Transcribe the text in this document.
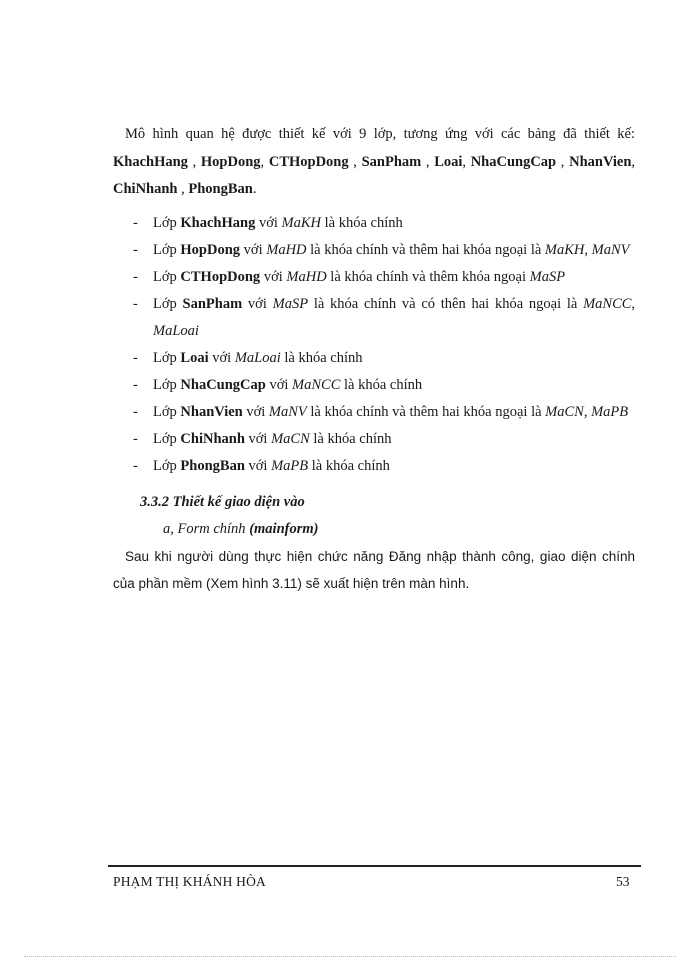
Mô hình quan hệ được thiết kế với 9 lớp, tương ứng với các bảng đã thiết kế: KhachHang , HopDong, CTHopDong , SanPham , Loai, NhaCungCap , NhanVien, ChiNhanh , PhongBan.

- Lớp KhachHang với MaKH là khóa chính
- Lớp HopDong với MaHD là khóa chính và thêm hai khóa ngoại là MaKH, MaNV
- Lớp CTHopDong với MaHD là khóa chính và thêm khóa ngoại MaSP
- Lớp SanPham với MaSP là khóa chính và có thên hai khóa ngoại là MaNCC, MaLoai
- Lớp Loai với MaLoai là khóa chính
- Lớp NhaCungCap với MaNCC là khóa chính
- Lớp NhanVien với MaNV là khóa chính và thêm hai khóa ngoại là MaCN, MaPB
- Lớp ChiNhanh với MaCN là khóa chính
- Lớp PhongBan với MaPB là khóa chính

3.3.2 Thiết kế giao diện vào

a, Form chính (mainform)

Sau khi người dùng thực hiện chức năng Đăng nhập thành công, giao diện chính của phần mềm (Xem hình 3.11) sẽ xuất hiện trên màn hình.

PHẠM THỊ KHÁNH HÒA	53
